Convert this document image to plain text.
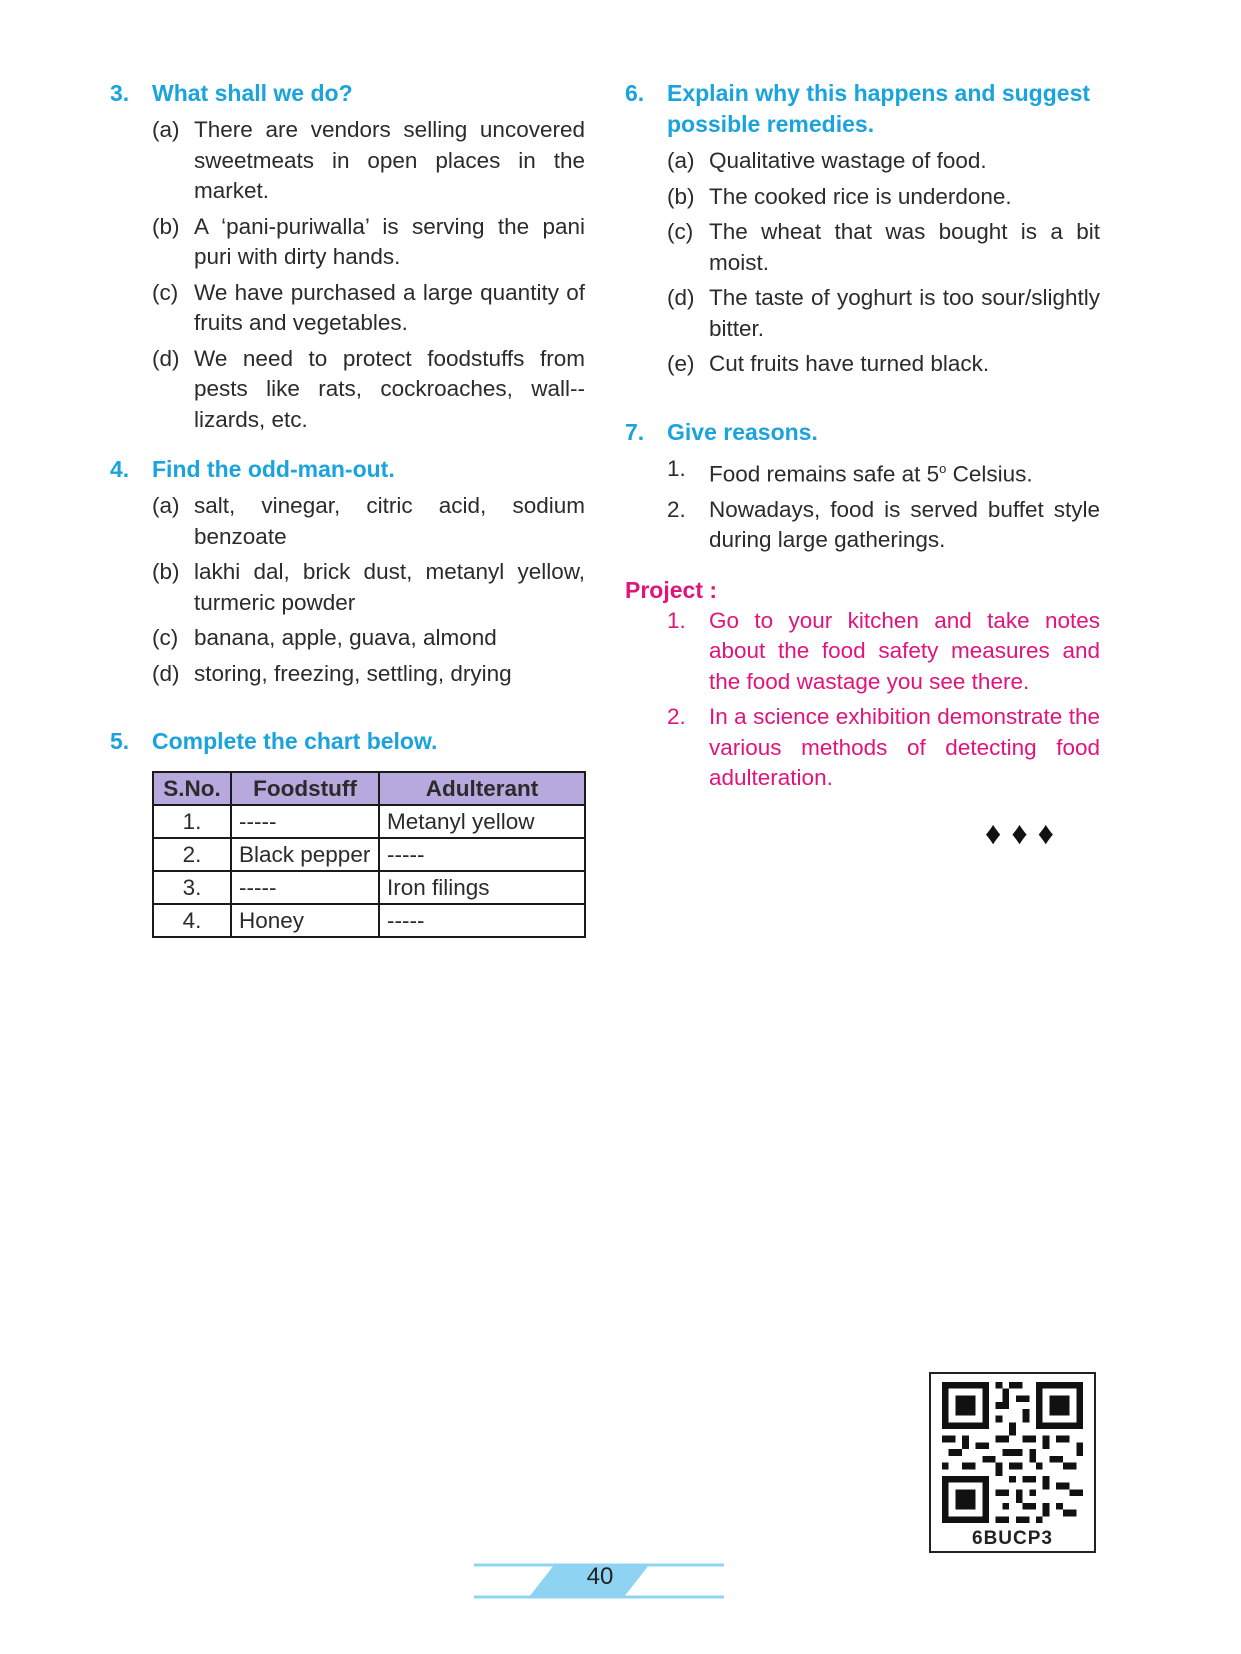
3. What shall we do?
(a) There are vendors selling uncovered sweetmeats in open places in the market.
(b) A ‘pani-puriwalla’ is serving the pani puri with dirty hands.
(c) We have purchased a large quantity of fruits and vegetables.
(d) We need to protect foodstuffs from pests like rats, cockroaches, wall--lizards, etc.
4. Find the odd-man-out.
(a) salt, vinegar, citric acid, sodium benzoate
(b) lakhi dal, brick dust, metanyl yellow, turmeric powder
(c) banana, apple, guava, almond
(d) storing, freezing, settling, drying
5. Complete the chart below.
S.No.	Foodstuff	Adulterant
1.	-----	Metanyl yellow
2.	Black pepper	-----
3.	-----	Iron filings
4.	Honey	-----
6. Explain why this happens and suggest possible remedies.
(a) Qualitative wastage of food.
(b) The cooked rice is underdone.
(c) The wheat that was bought is a bit moist.
(d) The taste of yoghurt is too sour/slightly bitter.
(e) Cut fruits have turned black.
7. Give reasons.
1.	Food remains safe at 5$^o$ Celsius.
2.	Nowadays, food is served buffet style during large gatherings.
Project :
1.	Go to your kitchen and take notes about the food safety measures and the food wastage you see there.
2.	In a science exhibition demonstrate the various methods of detecting food adulteration.
♦♦♦
6BUCP3
40
